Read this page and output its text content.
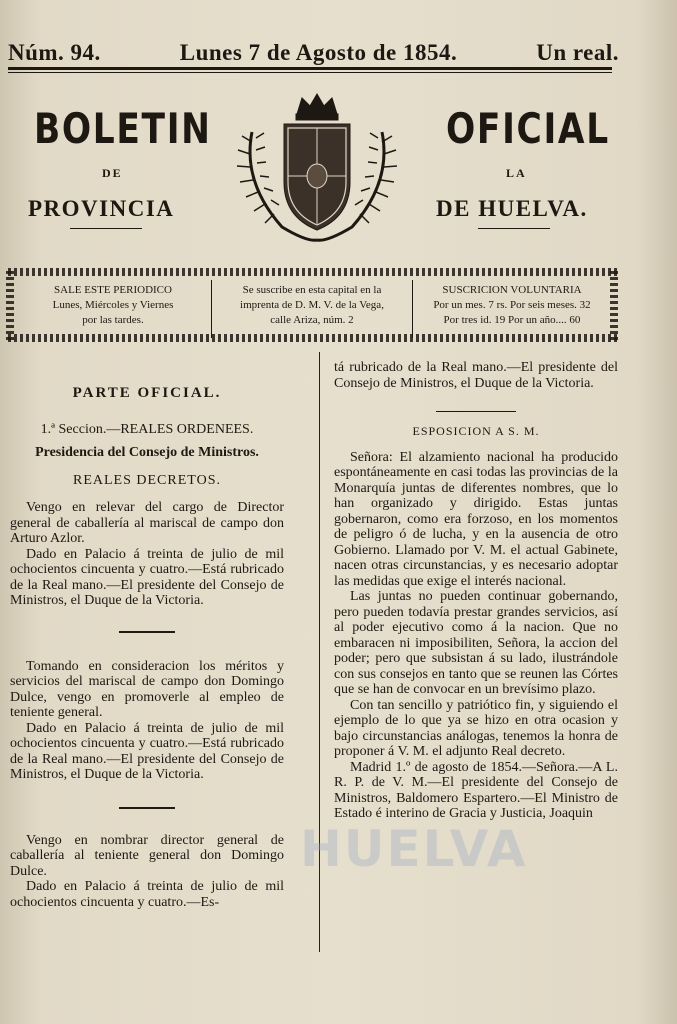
Núm. 94.	Lunes 7 de Agosto de 1854.	Un real.
BOLETIN	OFICIAL
DE	LA
PROVINCIA	DE HUELVA.
SALE ESTE PERIODICO
Lunes, Miércoles y Viernes
por las tardes.
Se suscribe en esta capital en la
imprenta de D. M. V. de la Vega,
calle Ariza, núm. 2
SUSCRICION VOLUNTARIA
Por un mes. 7 rs. Por seis meses. 32
Por tres id. 19 Por un año.... 60

PARTE OFICIAL.

1.ª Seccion.—REALES ORDENEES.

Presidencia del Consejo de Ministros.

REALES DECRETOS.

Vengo en relevar del cargo de Director general de caballería al mariscal de campo don Arturo Azlor.

Dado en Palacio á treinta de julio de mil ochocientos cincuenta y cuatro.—Está rubricado de la Real mano.—El presidente del Consejo de Ministros, el Duque de la Victoria.

Tomando en consideracion los méritos y servicios del mariscal de campo don Domingo Dulce, vengo en promoverle al empleo de teniente general.

Dado en Palacio á treinta de julio de mil ochocientos cincuenta y cuatro.—Está rubricado de la Real mano.—El presidente del Consejo de Ministros, el Duque de la Victoria.

Vengo en nombrar director general de caballería al teniente general don Domingo Dulce.

Dado en Palacio á treinta de julio de mil ochocientos cincuenta y cuatro.—Es-

tá rubricado de la Real mano.—El presidente del Consejo de Ministros, el Duque de la Victoria.

ESPOSICION A S. M.

Señora: El alzamiento nacional ha producido espontáneamente en casi todas las provincias de la Monarquía juntas de diferentes nombres, que lo han organizado y dirigido. Estas juntas gobernaron, como era forzoso, en los momentos de peligro ó de lucha, y en la ausencia de otro Gobierno. Llamado por V. M. el actual Gabinete, nacen otras circunstancias, y es necesario adoptar las medidas que exige el interés nacional.

Las juntas no pueden continuar gobernando, pero pueden todavía prestar grandes servicios, así al poder ejecutivo como á la nacion. Que no embaracen ni imposibiliten, Señora, la accion del poder; pero que subsistan á su lado, ilustrándole con sus consejos en tanto que se reunen las Córtes que se han de convocar en un brevísimo plazo.

Con tan sencillo y patriótico fin, y siguiendo el ejemplo de lo que ya se hizo en otra ocasion y bajo circunstancias análogas, tenemos la honra de proponer á V. M. el adjunto Real decreto.

Madrid 1.º de agosto de 1854.—Señora.—A L. R. P. de V. M.—El presidente del Consejo de Ministros, Baldomero Espartero.—El Ministro de Estado é interino de Gracia y Justicia, Joaquin

HUELVA
